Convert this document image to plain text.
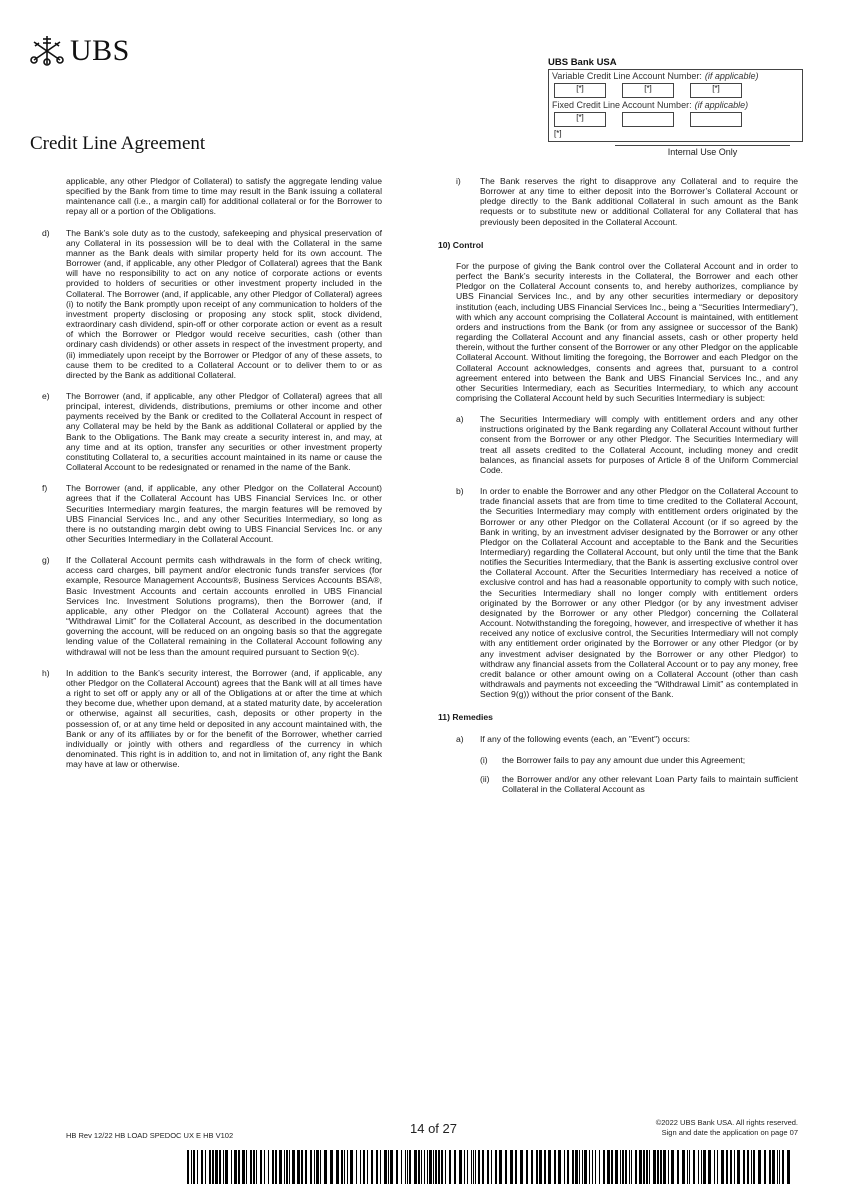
UBS
Credit Line Agreement
UBS Bank USA
Variable Credit Line Account Number: (if applicable)
[*]	[*]	[*]
Fixed Credit Line Account Number: (if applicable)
[*]
[*]
Internal Use Only

applicable, any other Pledgor of Collateral) to satisfy the aggregate lending value specified by the Bank from time to time may result in the Bank issuing a collateral maintenance call (i.e., a margin call) for additional collateral or for the Borrower to repay all or a portion of the Obligations.

d) The Bank’s sole duty as to the custody, safekeeping and physical preservation of any Collateral in its possession will be to deal with the Collateral in the same manner as the Bank deals with similar property held for its own account. The Borrower (and, if applicable, any other Pledgor of Collateral) agrees that the Bank will have no responsibility to act on any notice of corporate actions or events provided to holders of securities or other investment property included in the Collateral. The Borrower (and, if applicable, any other Pledgor of Collateral) agrees (i) to notify the Bank promptly upon receipt of any communication to holders of the investment property disclosing or proposing any stock split, stock dividend, extraordinary cash dividend, spin-off or other corporate action or event as a result of which the Borrower or Pledgor would receive securities, cash (other than ordinary cash dividends) or other assets in respect of the investment property, and (ii) immediately upon receipt by the Borrower or Pledgor of any of these assets, to cause them to be credited to a Collateral Account or to deliver them to or as directed by the Bank as additional Collateral.
e) The Borrower (and, if applicable, any other Pledgor of Collateral) agrees that all principal, interest, dividends, distributions, premiums or other income and other payments received by the Bank or credited to the Collateral Account in respect of any Collateral may be held by the Bank as additional Collateral or applied by the Bank to the Obligations. The Bank may create a security interest in, and may, at any time and at its option, transfer any securities or other investment property constituting Collateral to, a securities account maintained in its name or cause the Collateral Account to be redesignated or renamed in the name of the Bank.
f) The Borrower (and, if applicable, any other Pledgor on the Collateral Account) agrees that if the Collateral Account has UBS Financial Services Inc. or other Securities Intermediary margin features, the margin features will be removed by UBS Financial Services Inc., and any other Securities Intermediary, so long as there is no outstanding margin debt owing to UBS Financial Services Inc. or any other Securities Intermediary in the Collateral Account.
g) If the Collateral Account permits cash withdrawals in the form of check writing, access card charges, bill payment and/or electronic funds transfer services (for example, Resource Management Accounts®, Business Services Accounts BSA®, Basic Investment Accounts and certain accounts enrolled in UBS Financial Services Inc. Investment Solutions programs), then the Borrower (and, if applicable, any other Pledgor on the Collateral Account) agrees that the “Withdrawal Limit” for the Collateral Account, as described in the documentation governing the account, will be reduced on an ongoing basis so that the aggregate lending value of the Collateral remaining in the Collateral Account following any withdrawal will not be less than the amount required pursuant to Section 9(c).
h) In addition to the Bank’s security interest, the Borrower (and, if applicable, any other Pledgor on the Collateral Account) agrees that the Bank will at all times have a right to set off or apply any or all of the Obligations at or after the time at which they become due, whether upon demand, at a stated maturity date, by acceleration or otherwise, against all securities, cash, deposits or other property in the possession of, or at any time held or deposited in any account maintained with, the Bank or any of its affiliates by or for the benefit of the Borrower, whether carried individually or jointly with others and regardless of the currency in which denominated. This right is in addition to, and not in limitation of, any right the Bank may have at law or otherwise.
i) The Bank reserves the right to disapprove any Collateral and to require the Borrower at any time to either deposit into the Borrower’s Collateral Account or pledge directly to the Bank additional Collateral in such amount as the Bank requests or to substitute new or additional Collateral for any Collateral that has previously been deposited in the Collateral Account.
10) Control

For the purpose of giving the Bank control over the Collateral Account and in order to perfect the Bank’s security interests in the Collateral, the Borrower and each other Pledgor on the Collateral Account consents to, and hereby authorizes, compliance by UBS Financial Services Inc., and by any other securities intermediary or depository institution (each, including UBS Financial Services Inc., being a “Securities Intermediary”), with which any account comprising the Collateral Account is maintained, with entitlement orders and instructions from the Bank (or from any assignee or successor of the Bank) regarding the Collateral Account and any financial assets, cash or other property held therein, without the further consent of the Borrower or any other Pledgor on the applicable Collateral Account. Without limiting the foregoing, the Borrower and each Pledgor on the Collateral Account acknowledges, consents and agrees that, pursuant to a control agreement entered into between the Bank and UBS Financial Services Inc., and any other Securities Intermediary, each as Securities Intermediary, to which any account comprising the Collateral Account held by such Securities Intermediary is subject:

a) The Securities Intermediary will comply with entitlement orders and any other instructions originated by the Bank regarding any Collateral Account without further consent from the Borrower or any other Pledgor. The Securities Intermediary will treat all assets credited to the Collateral Account, including money and credit balances, as financial assets for purposes of Article 8 of the Uniform Commercial Code.
b) In order to enable the Borrower and any other Pledgor on the Collateral Account to trade financial assets that are from time to time credited to the Collateral Account, the Securities Intermediary may comply with entitlement orders originated by the Borrower or any other Pledgor on the Collateral Account (or if so agreed by the Bank in writing, by an investment adviser designated by the Borrower or any other Pledgor on the Collateral Account and acceptable to the Bank and the Securities Intermediary) regarding the Collateral Account, but only until the time that the Bank notifies the Securities Intermediary, that the Bank is asserting exclusive control over the Collateral Account. After the Securities Intermediary has received a notice of exclusive control and has had a reasonable opportunity to comply with such notice, the Securities Intermediary shall no longer comply with entitlement orders originated by the Borrower or any other Pledgor (or by any investment adviser designated by the Borrower or any other Pledgor) concerning the Collateral Account. Notwithstanding the foregoing, however, and irrespective of whether it has received any notice of exclusive control, the Securities Intermediary will not comply with any entitlement order originated by the Borrower or any other Pledgor (or by any investment adviser designated by the Borrower or any other Pledgor) to withdraw any financial assets from the Collateral Account or to pay any money, free credit balance or other amount owing on a Collateral Account (other than cash withdrawals and payments not exceeding the “Withdrawal Limit” as contemplated in Section 9(g)) without the prior consent of the Bank.
11) Remedies
a) If any of the following events (each, an "Event") occurs:
(i) the Borrower fails to pay any amount due under this Agreement;
(ii) the Borrower and/or any other relevant Loan Party fails to maintain sufficient Collateral in the Collateral Account as
HB Rev 12/22 HB LOAD SPEDOC UX E HB V102	14 of 27	©2022 UBS Bank USA. All rights reserved.
Sign and date the application on page 07
